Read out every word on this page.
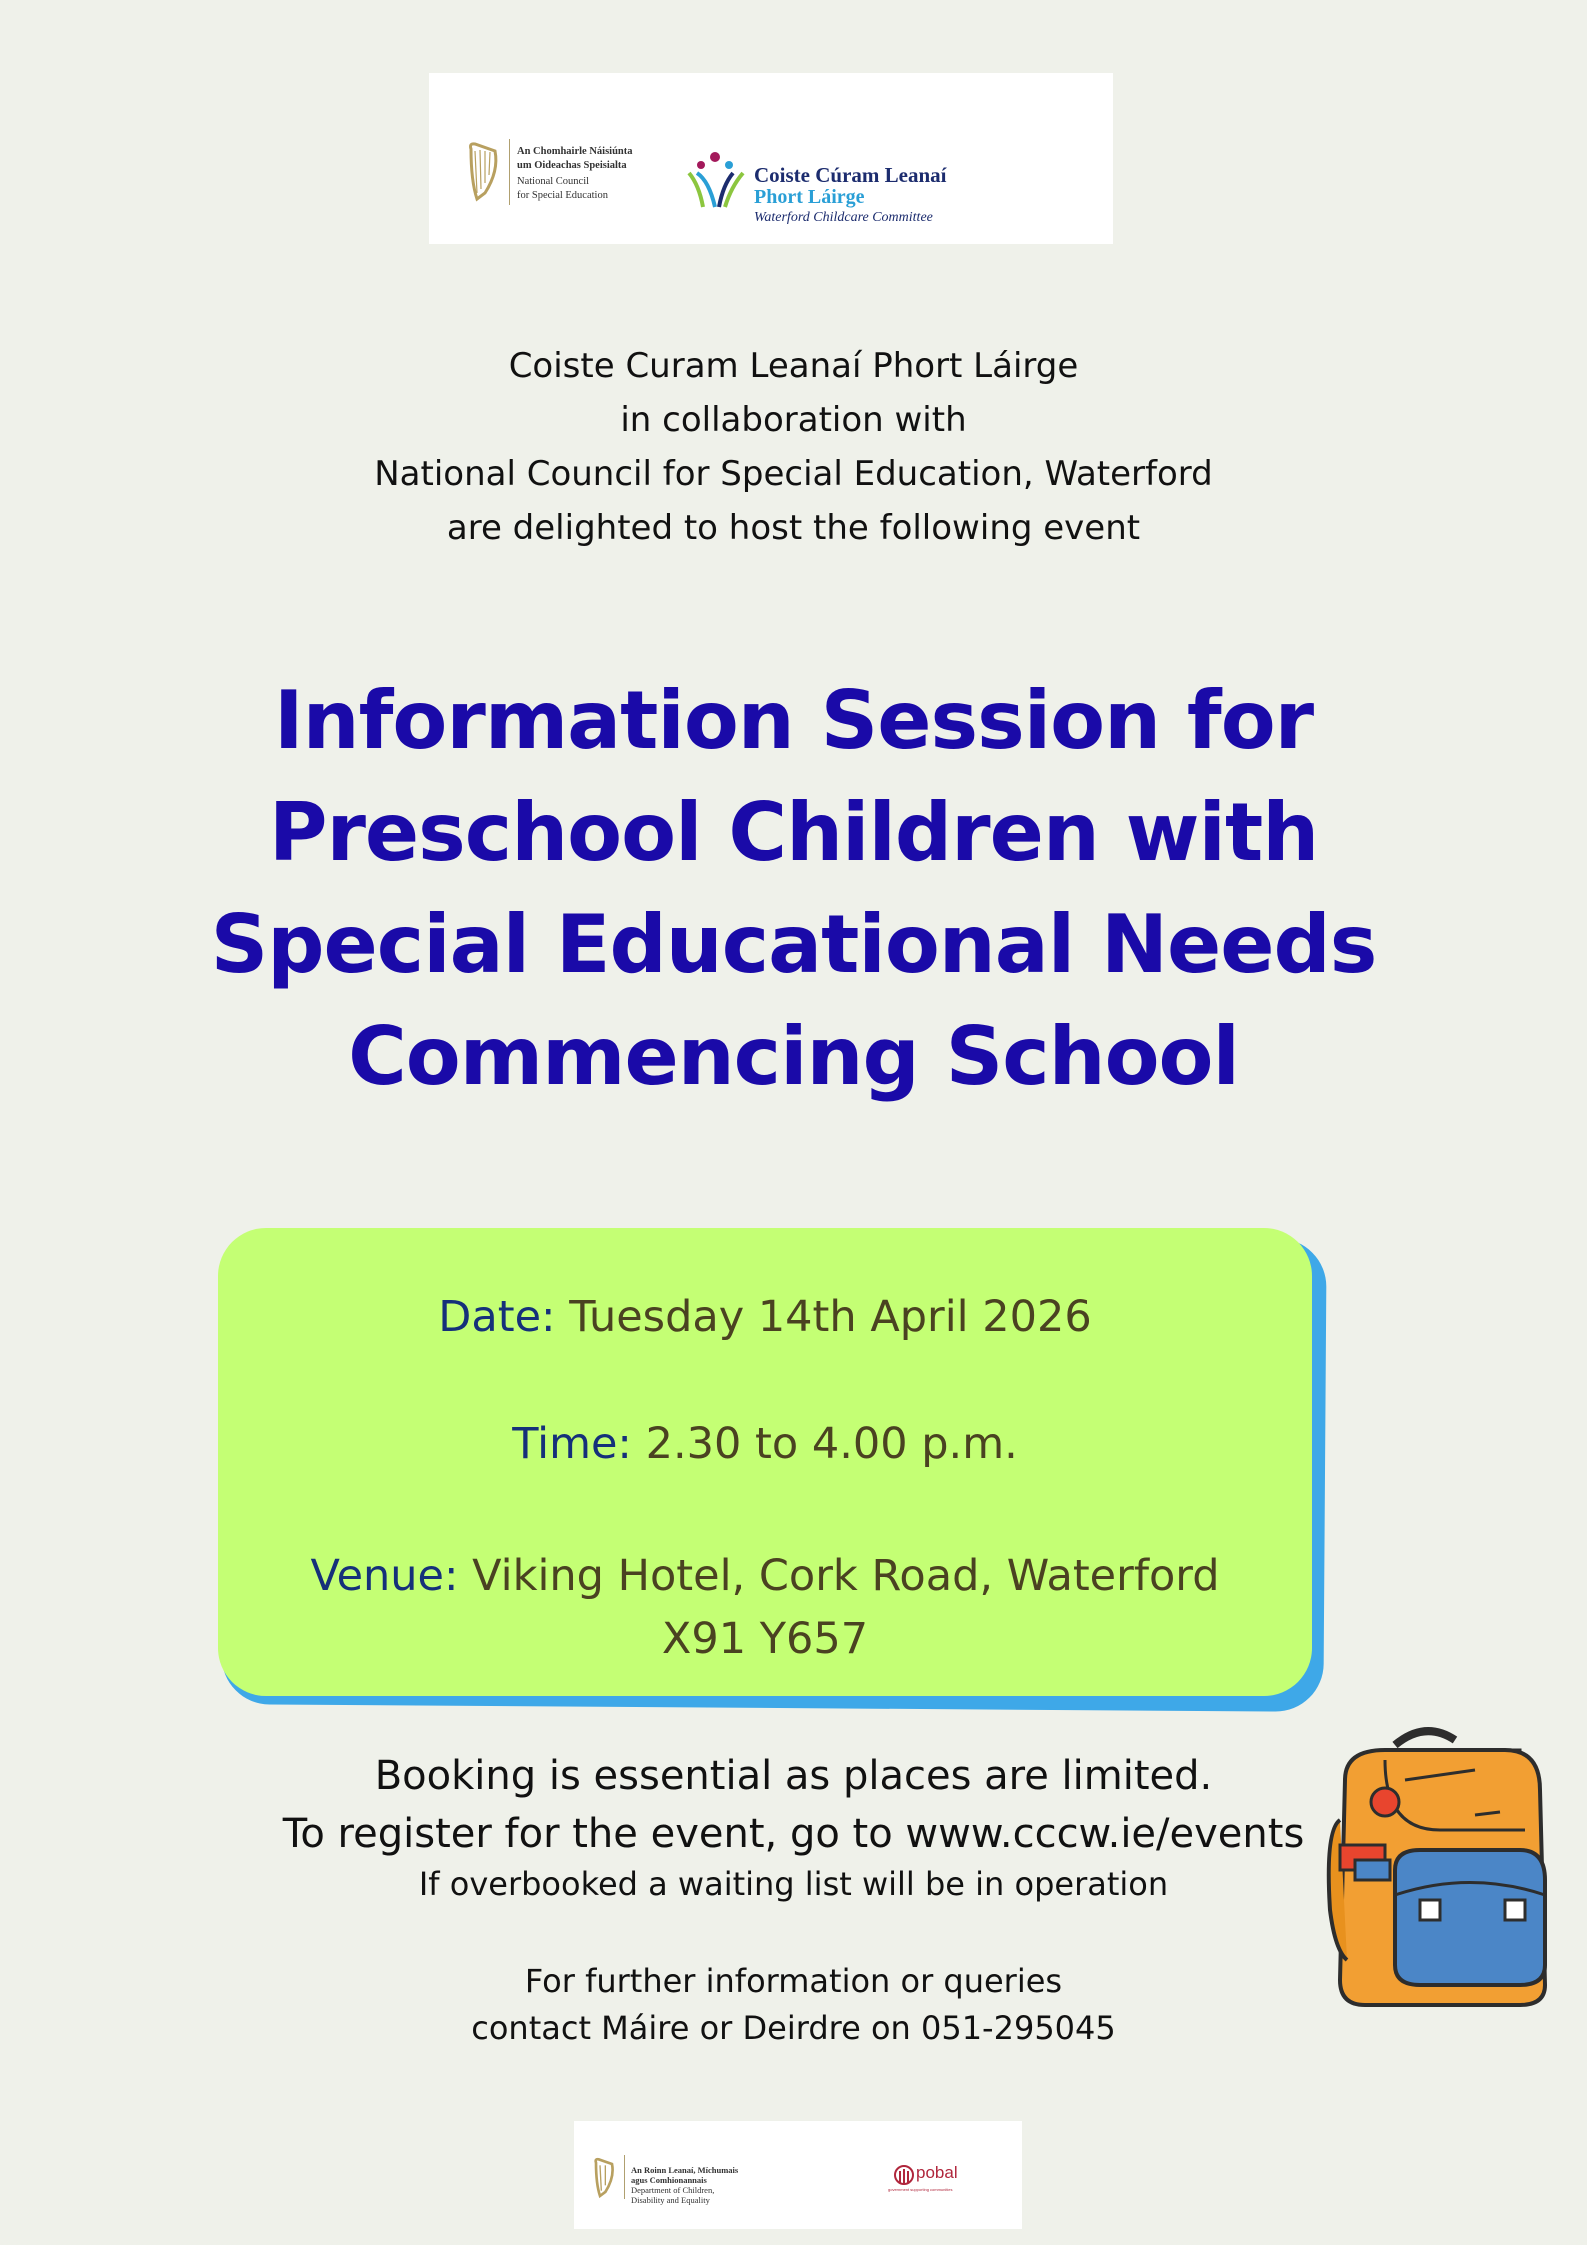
An Chomhairle Náisiúnta
um Oideachas Speisialta
National Council
for Special Education
Coiste Cúram Leanaí
Phort Láirge
Waterford Childcare Committee
Coiste Curam Leanaí Phort Láirge
in collaboration with
National Council for Special Education, Waterford
are delighted to host the following event
Information Session for
Preschool Children with
Special Educational Needs
Commencing School
Date: Tuesday 14th April 2026
Time: 2.30 to 4.00 p.m.
Venue: Viking Hotel, Cork Road, Waterford
X91 Y657
Booking is essential as places are limited.
To register for the event, go to www.cccw.ie/events
If overbooked a waiting list will be in operation
For further information or queries
contact Máire or Deirdre on 051-295045
An Roinn Leanaí, Míchumais
agus Comhionannais
Department of Children,
Disability and Equality
pobal
government supporting communities
